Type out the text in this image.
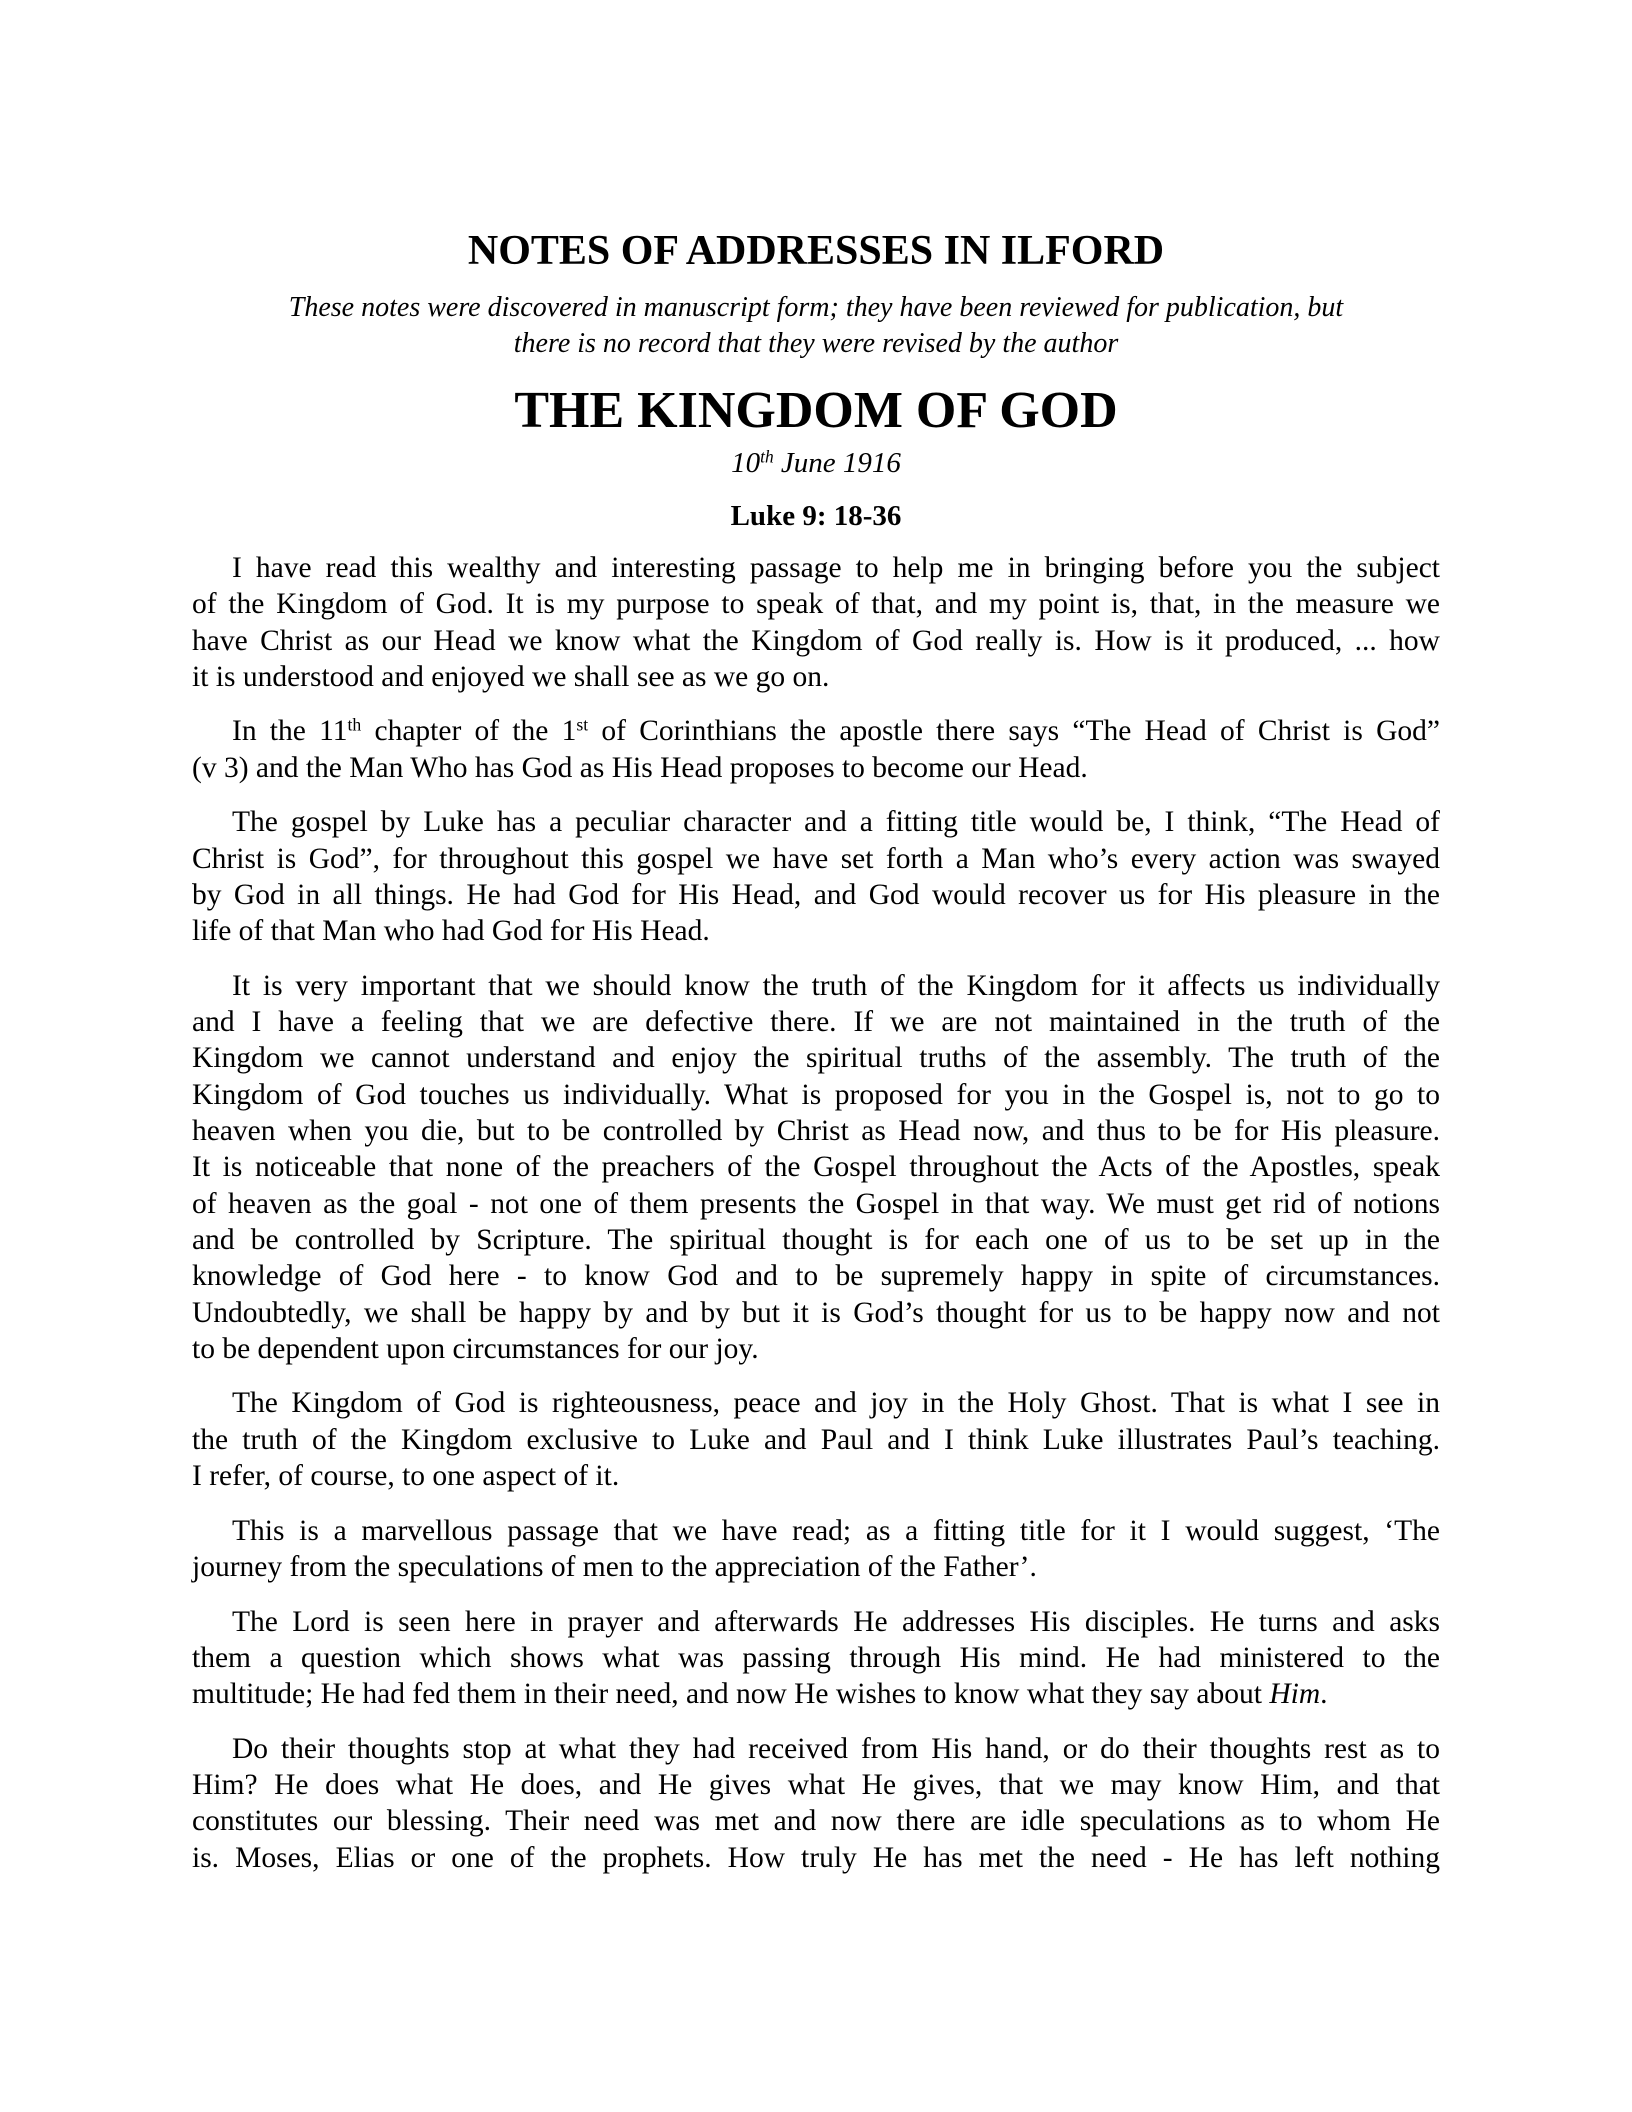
NOTES OF ADDRESSES IN ILFORD
These notes were discovered in manuscript form; they have been reviewed for publication, but
there is no record that they were revised by the author
THE KINGDOM OF GOD
10th June 1916
Luke 9: 18-36
I have read this wealthy and interesting passage to help me in bringing before you the subject
of the Kingdom of God. It is my purpose to speak of that, and my point is, that, in the measure we
have Christ as our Head we know what the Kingdom of God really is. How is it produced, ... how
it is understood and enjoyed we shall see as we go on.
In the 11th chapter of the 1st of Corinthians the apostle there says “The Head of Christ is God”
(v 3) and the Man Who has God as His Head proposes to become our Head.
The gospel by Luke has a peculiar character and a fitting title would be, I think, “The Head of
Christ is God”, for throughout this gospel we have set forth a Man who’s every action was swayed
by God in all things. He had God for His Head, and God would recover us for His pleasure in the
life of that Man who had God for His Head.
It is very important that we should know the truth of the Kingdom for it affects us individually
and I have a feeling that we are defective there. If we are not maintained in the truth of the
Kingdom we cannot understand and enjoy the spiritual truths of the assembly. The truth of the
Kingdom of God touches us individually. What is proposed for you in the Gospel is, not to go to
heaven when you die, but to be controlled by Christ as Head now, and thus to be for His pleasure.
It is noticeable that none of the preachers of the Gospel throughout the Acts of the Apostles, speak
of heaven as the goal - not one of them presents the Gospel in that way. We must get rid of notions
and be controlled by Scripture. The spiritual thought is for each one of us to be set up in the
knowledge of God here - to know God and to be supremely happy in spite of circumstances.
Undoubtedly, we shall be happy by and by but it is God’s thought for us to be happy now and not
to be dependent upon circumstances for our joy.
The Kingdom of God is righteousness, peace and joy in the Holy Ghost. That is what I see in
the truth of the Kingdom exclusive to Luke and Paul and I think Luke illustrates Paul’s teaching.
I refer, of course, to one aspect of it.
This is a marvellous passage that we have read; as a fitting title for it I would suggest, ‘The
journey from the speculations of men to the appreciation of the Father’.
The Lord is seen here in prayer and afterwards He addresses His disciples. He turns and asks
them a question which shows what was passing through His mind. He had ministered to the
multitude; He had fed them in their need, and now He wishes to know what they say about Him.
Do their thoughts stop at what they had received from His hand, or do their thoughts rest as to
Him? He does what He does, and He gives what He gives, that we may know Him, and that
constitutes our blessing. Their need was met and now there are idle speculations as to whom He
is. Moses, Elias or one of the prophets. How truly He has met the need - He has left nothing
